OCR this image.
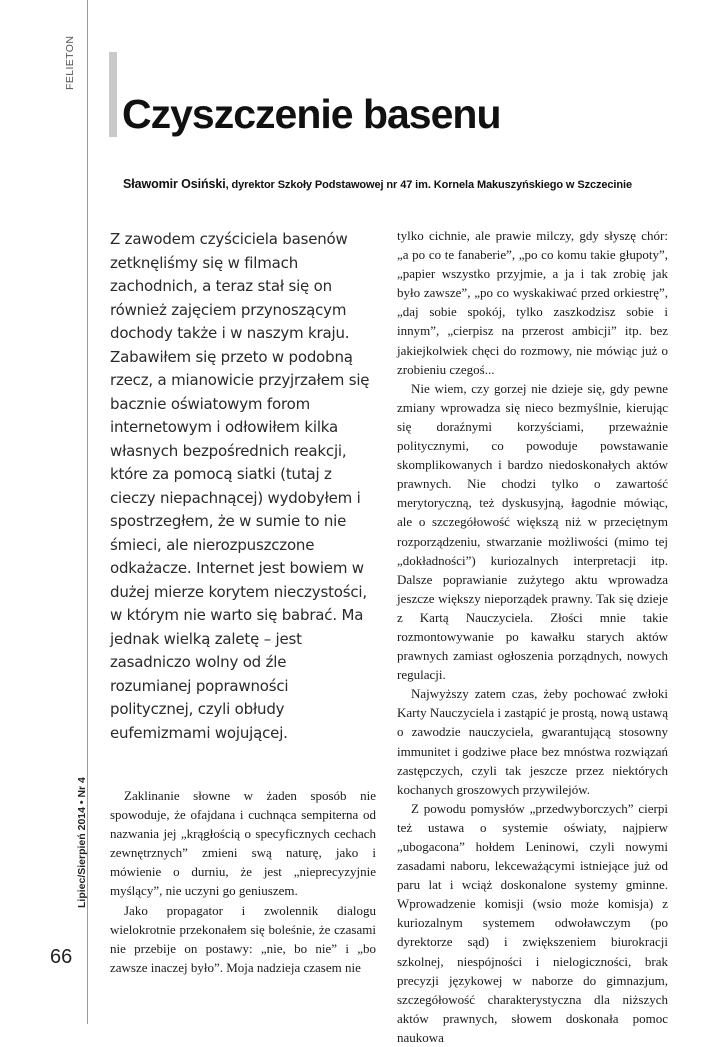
FELIETON
Lipiec/Sierpień 2014 • Nr 4
66
Czyszczenie basenu
Sławomir Osiński, dyrektor Szkoły Podstawowej nr 47 im. Kornela Makuszyńskiego w Szczecinie

Z zawodem czyściciela basenów zetknęliśmy się w filmach zachodnich, a teraz stał się on również zajęciem przynoszącym dochody także i w naszym kraju. Zabawiłem się przeto w podobną rzecz, a mianowicie przyjrzałem się bacznie oświatowym forom internetowym i odłowiłem kilka własnych bezpośrednich reakcji, które za pomocą siatki (tutaj z cieczy niepachnącej) wydobyłem i spostrzegłem, że w sumie to nie śmieci, ale nierozpuszczone odkażacze. Internet jest bowiem w dużej mierze korytem nieczystości, w którym nie warto się babrać. Ma jednak wielką zaletę – jest zasadniczo wolny od źle rozumianej poprawności politycznej, czyli obłudy eufemizmami wojującej.

Zaklinanie słowne w żaden sposób nie spowoduje, że ofajdana i cuchnąca sempiterna od nazwania jej „krągłością o specyficznych cechach zewnętrznych” zmieni swą naturę, jako i mówienie o durniu, że jest „nieprecyzyjnie myślący”, nie uczyni go geniuszem.

Jako propagator i zwolennik dialogu wielokrotnie przekonałem się boleśnie, że czasami nie przebije on postawy: „nie, bo nie” i „bo zawsze inaczej było”. Moja nadzieja czasem nie

tylko cichnie, ale prawie milczy, gdy słyszę chór: „a po co te fanaberie”, „po co komu takie głupoty”, „papier wszystko przyjmie, a ja i tak zrobię jak było zawsze”, „po co wyskakiwać przed orkiestrę”, „daj sobie spokój, tylko zaszkodzisz sobie i innym”, „cierpisz na przerost ambicji” itp. bez jakiejkolwiek chęci do rozmowy, nie mówiąc już o zrobieniu czegoś...

Nie wiem, czy gorzej nie dzieje się, gdy pewne zmiany wprowadza się nieco bezmyślnie, kierując się doraźnymi korzyściami, przeważnie politycznymi, co powoduje powstawanie skomplikowanych i bardzo niedoskonałych aktów prawnych. Nie chodzi tylko o zawartość merytoryczną, też dyskusyjną, łagodnie mówiąc, ale o szczegółowość większą niż w przeciętnym rozporządzeniu, stwarzanie możliwości (mimo tej „dokładności”) kuriozalnych interpretacji itp. Dalsze poprawianie zużytego aktu wprowadza jeszcze większy nieporządek prawny. Tak się dzieje z Kartą Nauczyciela. Złości mnie takie rozmontowywanie po kawałku starych aktów prawnych zamiast ogłoszenia porządnych, nowych regulacji.

Najwyższy zatem czas, żeby pochować zwłoki Karty Nauczyciela i zastąpić je prostą, nową ustawą o zawodzie nauczyciela, gwarantującą stosowny immunitet i godziwe płace bez mnóstwa rozwiązań zastępczych, czyli tak jeszcze przez niektórych kochanych groszowych przywilejów.

Z powodu pomysłów „przedwyborczych” cierpi też ustawa o systemie oświaty, najpierw „ubogacona” hołdem Leninowi, czyli nowymi zasadami naboru, lekceważącymi istniejące już od paru lat i wciąż doskonalone systemy gminne. Wprowadzenie komisji (wsio może komisja) z kuriozalnym systemem odwoławczym (po dyrektorze sąd) i zwiększeniem biurokracji szkolnej, niespójności i nielogiczności, brak precyzji językowej w naborze do gimnazjum, szczegółowość charakterystyczna dla niższych aktów prawnych, słowem doskonała pomoc naukowa
